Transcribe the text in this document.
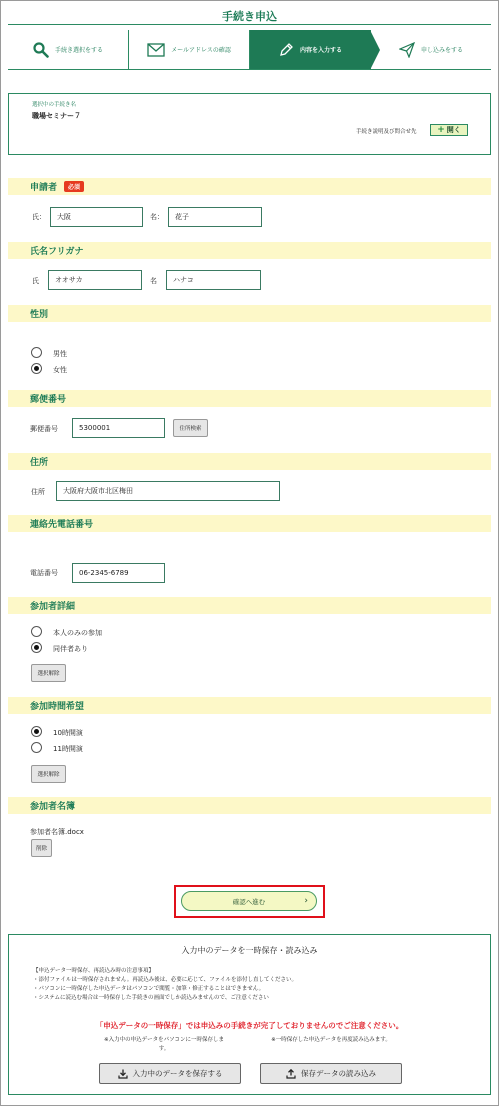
手続き申込
手続き選択をする	メールアドレスの確認	内容を入力する	申し込みをする
選択中の手続き名
職場セミナー７
手続き説明及び問合せ先 + 開く
申請者	必須
氏：	大阪	名：	花子
氏名フリガナ
氏	オオサカ	名	ハナコ
性別
男性
女性
郵便番号
郵便番号	5300001	住所検索
住所
住所	大阪府大阪市北区梅田
連絡先電話番号
電話番号	06-2345-6789
参加者詳細
本人のみの参加
同伴者あり
選択解除
参加時間希望
10時開演
11時開演
選択解除
参加者名簿
参加者名簿.docx
削除
確認へ進む	›
入力中のデータを一時保存・読み込み
【申込データ一時保存、再読込み時の注意事項】
・添付ファイルは一時保存されません。再読込み後は、必要に応じて、ファイルを添付し直してください。
・パソコンに一時保存した申込データはパソコンで閲覧・加筆・修正することはできません。
・システムに読込む場合は一時保存した手続きの画面でしか読込みませんので、ご注意ください
「申込データの一時保存」では申込みの手続きが完了しておりませんのでご注意ください。
※入力中の申込データをパソコンに一時保存します。
※一時保存した申込データを再度読み込みます。
入力中のデータを保存する	保存データの読み込み
